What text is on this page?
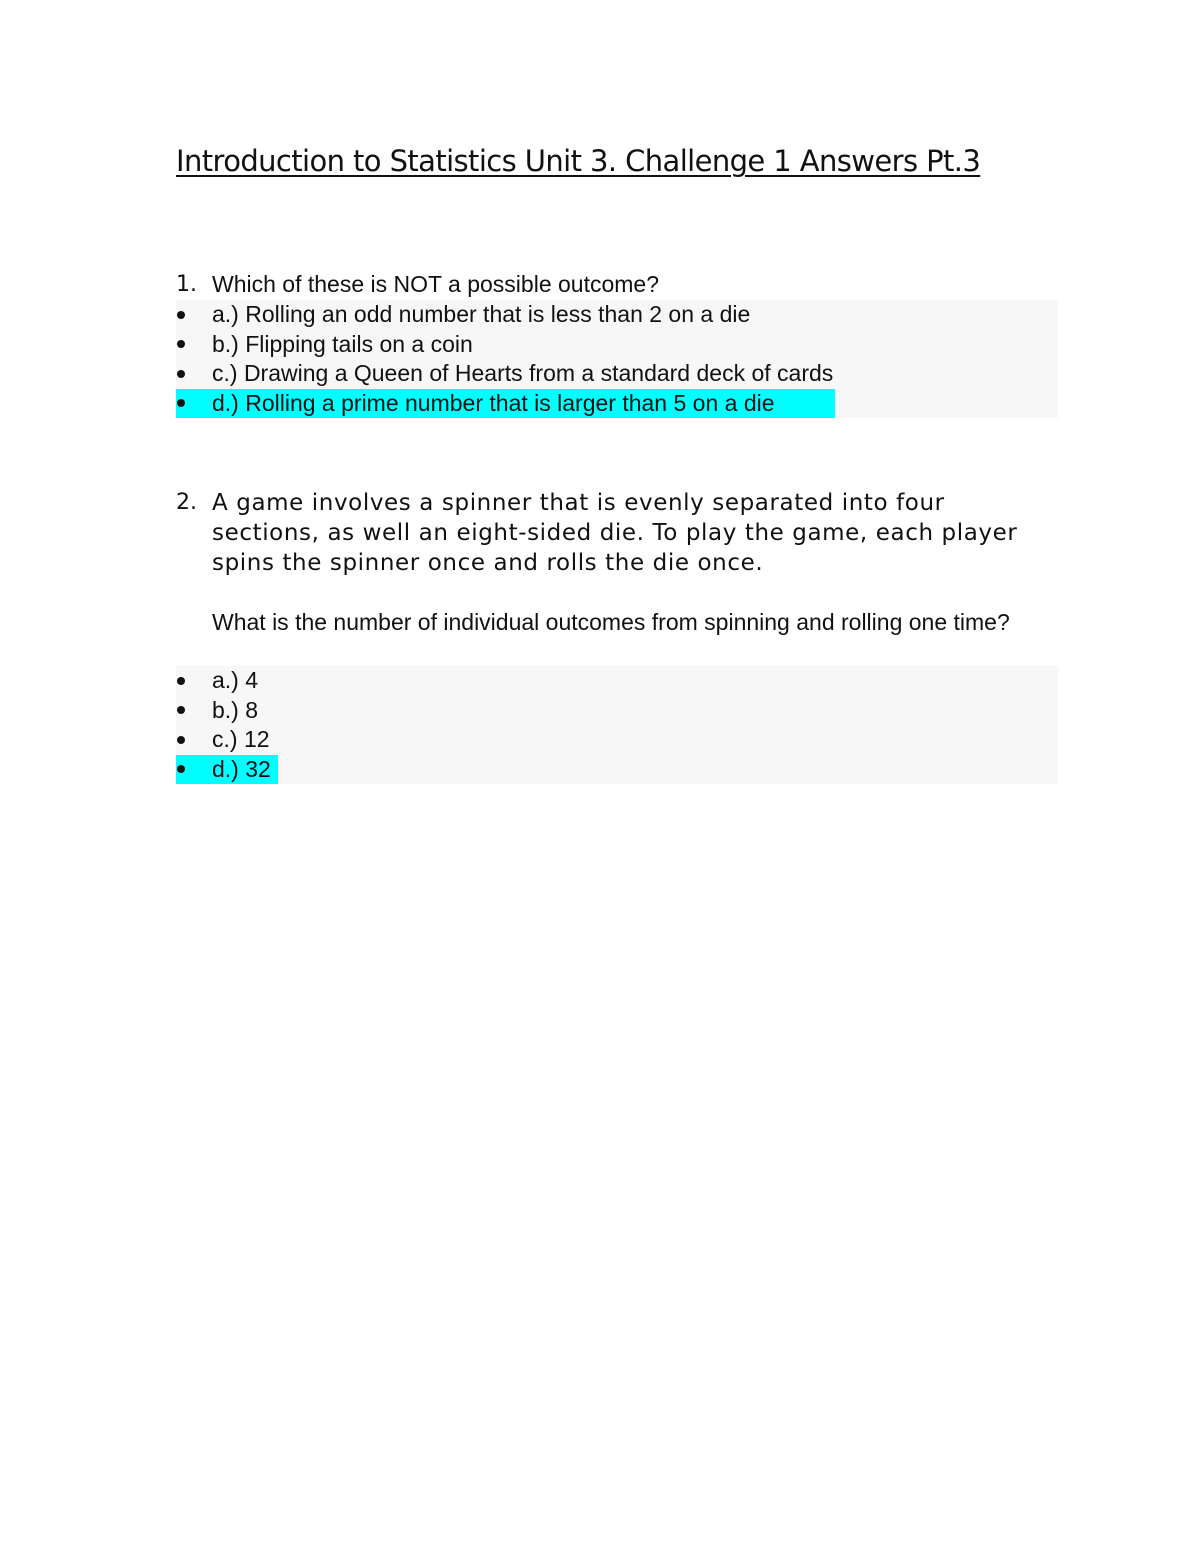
Introduction to Statistics Unit 3. Challenge 1 Answers Pt.3
1. Which of these is NOT a possible outcome?
a.) Rolling an odd number that is less than 2 on a die
b.) Flipping tails on a coin
c.) Drawing a Queen of Hearts from a standard deck of cards
d.) Rolling a prime number that is larger than 5 on a die
2. A game involves a spinner that is evenly separated into four sections, as well an eight-sided die. To play the game, each player spins the spinner once and rolls the die once.
What is the number of individual outcomes from spinning and rolling one time?
a.) 4
b.) 8
c.) 12
d.) 32
